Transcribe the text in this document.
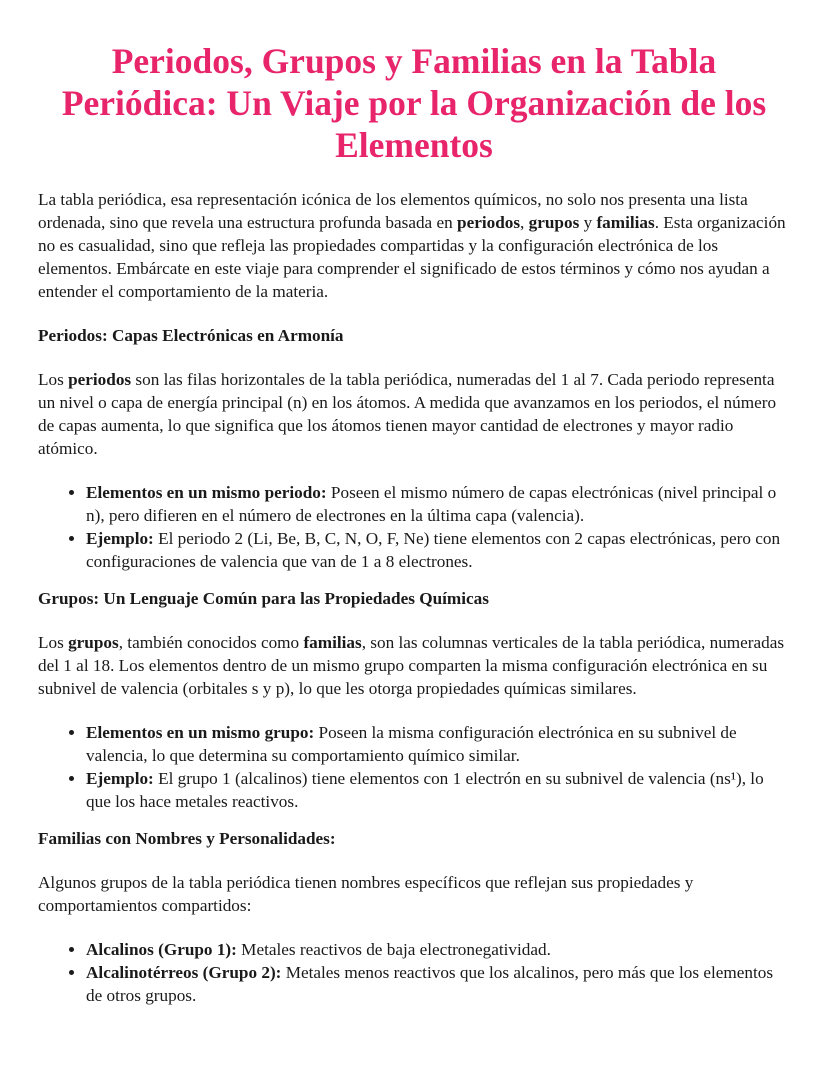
Periodos, Grupos y Familias en la Tabla Periódica: Un Viaje por la Organización de los Elementos

La tabla periódica, esa representación icónica de los elementos químicos, no solo nos presenta una lista ordenada, sino que revela una estructura profunda basada en periodos, grupos y familias. Esta organización no es casualidad, sino que refleja las propiedades compartidas y la configuración electrónica de los elementos. Embárcate en este viaje para comprender el significado de estos términos y cómo nos ayudan a entender el comportamiento de la materia.

Periodos: Capas Electrónicas en Armonía

Los periodos son las filas horizontales de la tabla periódica, numeradas del 1 al 7. Cada periodo representa un nivel o capa de energía principal (n) en los átomos. A medida que avanzamos en los periodos, el número de capas aumenta, lo que significa que los átomos tienen mayor cantidad de electrones y mayor radio atómico.

• Elementos en un mismo periodo: Poseen el mismo número de capas electrónicas (nivel principal o n), pero difieren en el número de electrones en la última capa (valencia).
• Ejemplo: El periodo 2 (Li, Be, B, C, N, O, F, Ne) tiene elementos con 2 capas electrónicas, pero con configuraciones de valencia que van de 1 a 8 electrones.
Grupos: Un Lenguaje Común para las Propiedades Químicas

Los grupos, también conocidos como familias, son las columnas verticales de la tabla periódica, numeradas del 1 al 18. Los elementos dentro de un mismo grupo comparten la misma configuración electrónica en su subnivel de valencia (orbitales s y p), lo que les otorga propiedades químicas similares.

• Elementos en un mismo grupo: Poseen la misma configuración electrónica en su subnivel de valencia, lo que determina su comportamiento químico similar.
• Ejemplo: El grupo 1 (alcalinos) tiene elementos con 1 electrón en su subnivel de valencia (ns¹), lo que los hace metales reactivos.
Familias con Nombres y Personalidades:

Algunos grupos de la tabla periódica tienen nombres específicos que reflejan sus propiedades y comportamientos compartidos:

• Alcalinos (Grupo 1): Metales reactivos de baja electronegatividad.
• Alcalinotérreos (Grupo 2): Metales menos reactivos que los alcalinos, pero más que los elementos de otros grupos.
